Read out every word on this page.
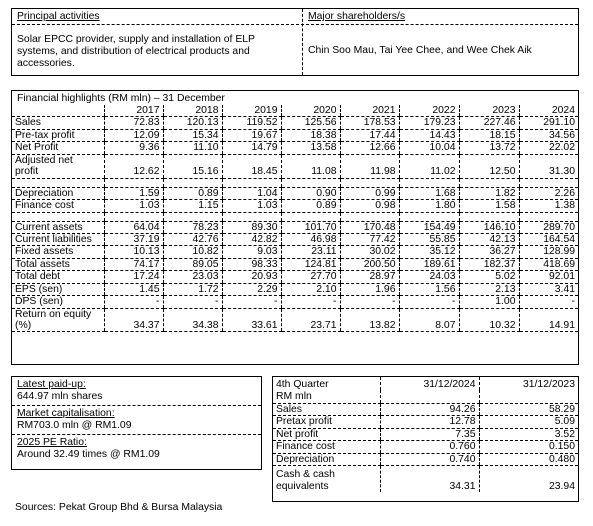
Principal activities
Solar EPCC provider, supply and installation of ELP
systems, and distribution of electrical products and
accessories.
Major shareholders/s
Chin Soo Mau, Tai Yee Chee, and Wee Chek Aik
Financial highlights (RM mln) – 31 December
	2017	2018	2019	2020	2021	2022	2023	2024
Sales	72.83	120.13	119.52	125.56	178.53	179.23	227.46	291.10
Pre-tax profit	12.09	15.34	19.67	18.38	17.44	14.43	18.15	34.56
Net Profit	9.36	11.10	14.79	13.58	12.66	10.04	13.72	22.02

Adjusted net
profit	12.62	15.16	18.45	11.08	11.98	11.02	12.50	31.30

Depreciation	1.59	0.89	1.04	0.90	0.99	1.68	1.82	2.26
Finance cost	1.03	1.15	1.03	0.89	0.98	1.80	1.58	1.38

Current assets	64.04	78.23	89.30	101.70	170.48	154.49	146.10	289.70
Current liabilities	37.19	42.76	42.82	46.98	77.42	55.85	42.13	164.54
Fixed assets	10.13	10.82	9.03	23.11	30.02	35.12	36.27	128.99
Total assets	74.17	89.05	98.33	124.81	200.50	189.61	182.37	418.69
Total debt	17.24	23.03	20.93	27.70	28.97	24.03	5.02	92.01
EPS (sen)	1.45	1.72	2.29	2.10	1.96	1.56	2.13	3.41
DPS (sen)	-	-	-	-	-	-	1.00	-

Return on equity
(%)	34.37	34.38	33.61	23.71	13.82	8.07	10.32	14.91
Latest paid-up:
644.97 mln shares
Market capitalisation:
RM703.0 mln @ RM1.09
2025 PE Ratio:
Around 32.49 times @ RM1.09
4th Quarter	31/12/2024	31/12/2023
RM mln		
Sales	94.26	58.29
Pretax profit	12.78	5.09
Net profit	7.35	3.52
Finance cost	0.760	0.150
Depreciation	0.740	0.480

Cash & cash
equivalents	34.31	23.94
Sources: Pekat Group Bhd & Bursa Malaysia
